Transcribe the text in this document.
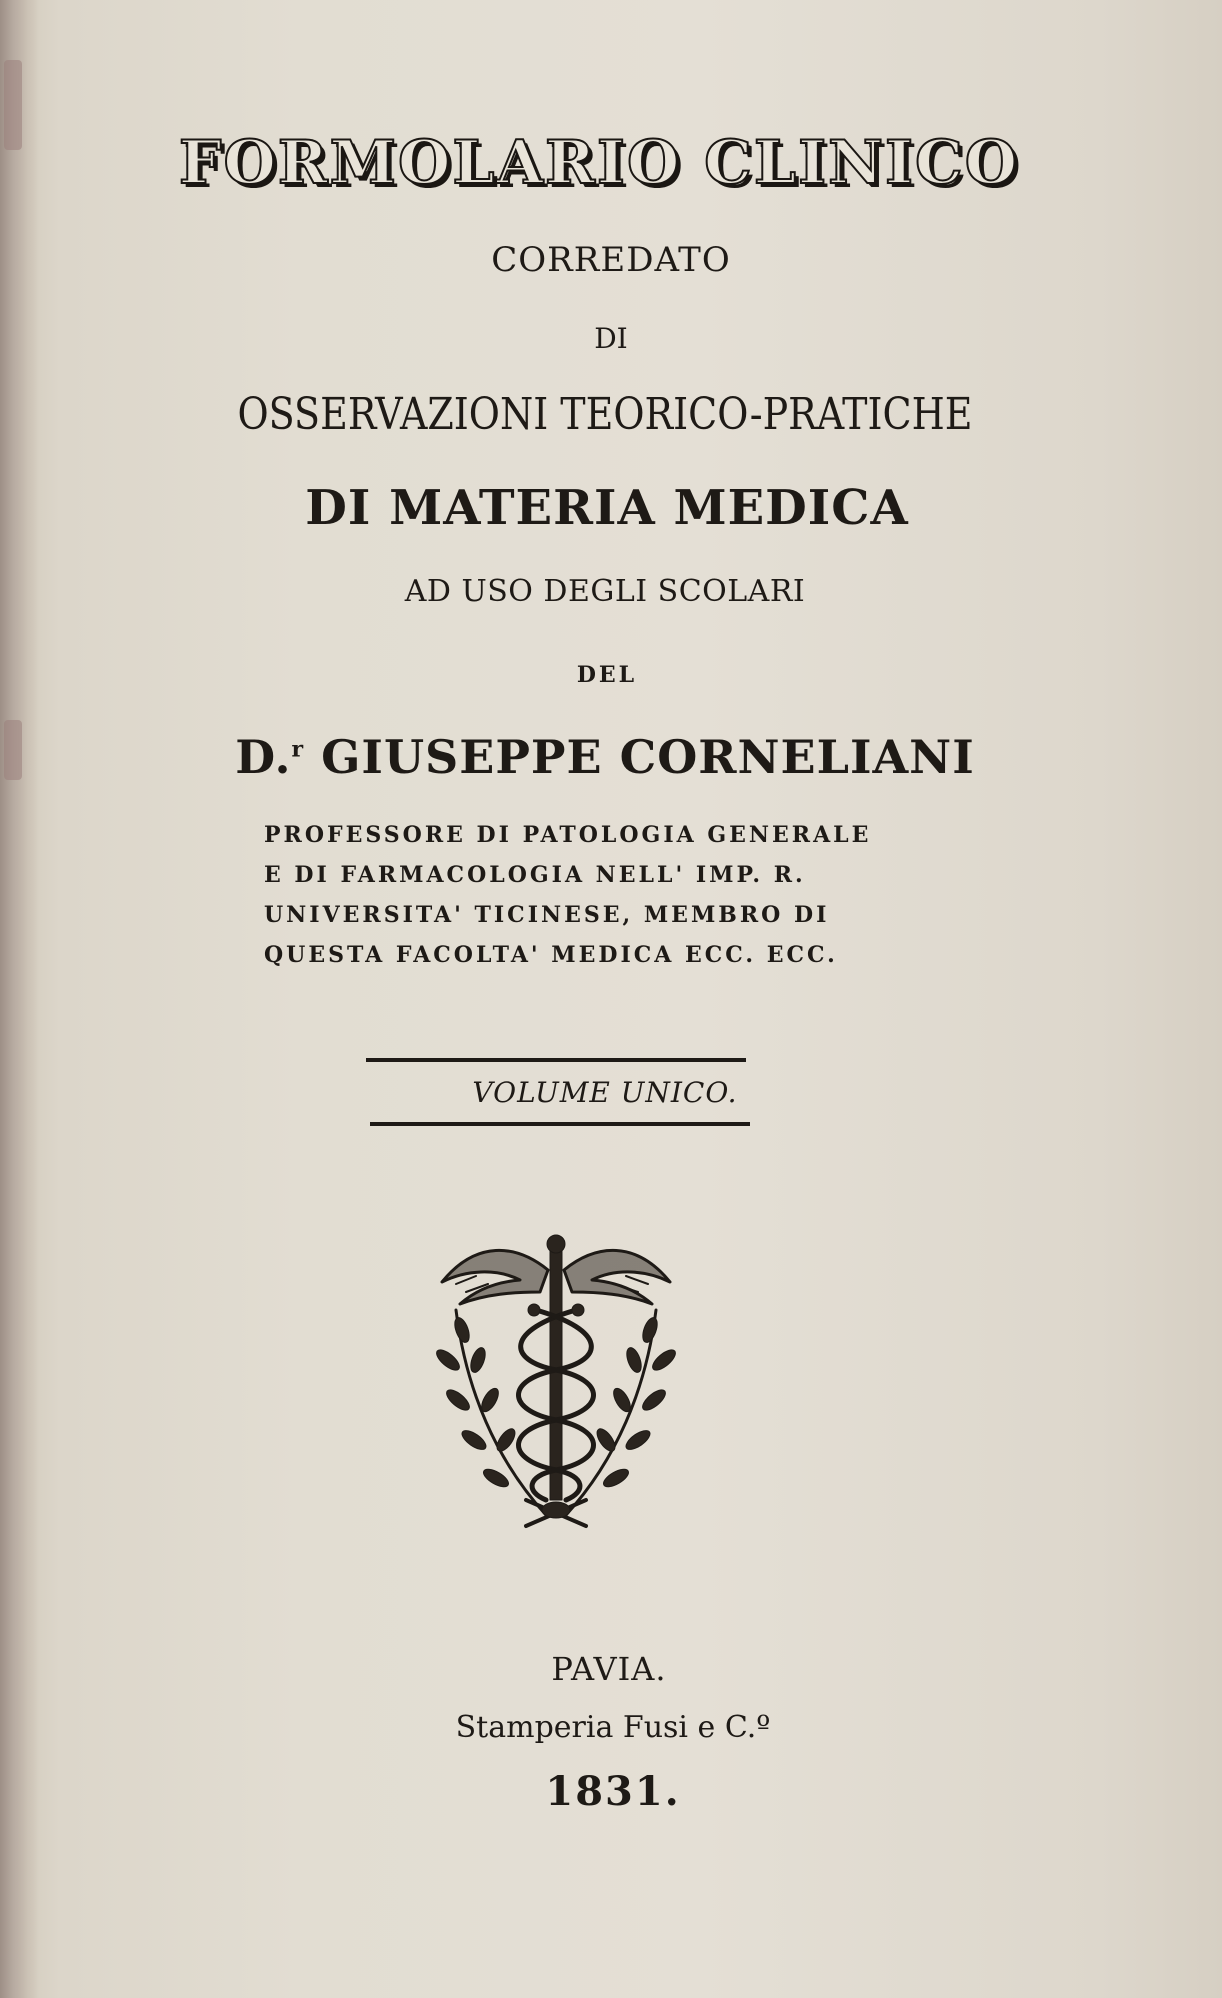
FORMOLARIO CLINICO
CORREDATO
DI
OSSERVAZIONI TEORICO-PRATICHE
DI MATERIA MEDICA
AD USO DEGLI SCOLARI
DEL
D.$^r$ GIUSEPPE CORNELIANI
PROFESSORE DI PATOLOGIA GENERALE
E DI FARMACOLOGIA NELL' IMP. R.
UNIVERSITA' TICINESE, MEMBRO DI
QUESTA FACOLTA' MEDICA ECC. ECC.
VOLUME UNICO.
PAVIA.
Stamperia Fusi e C.º
1831.
